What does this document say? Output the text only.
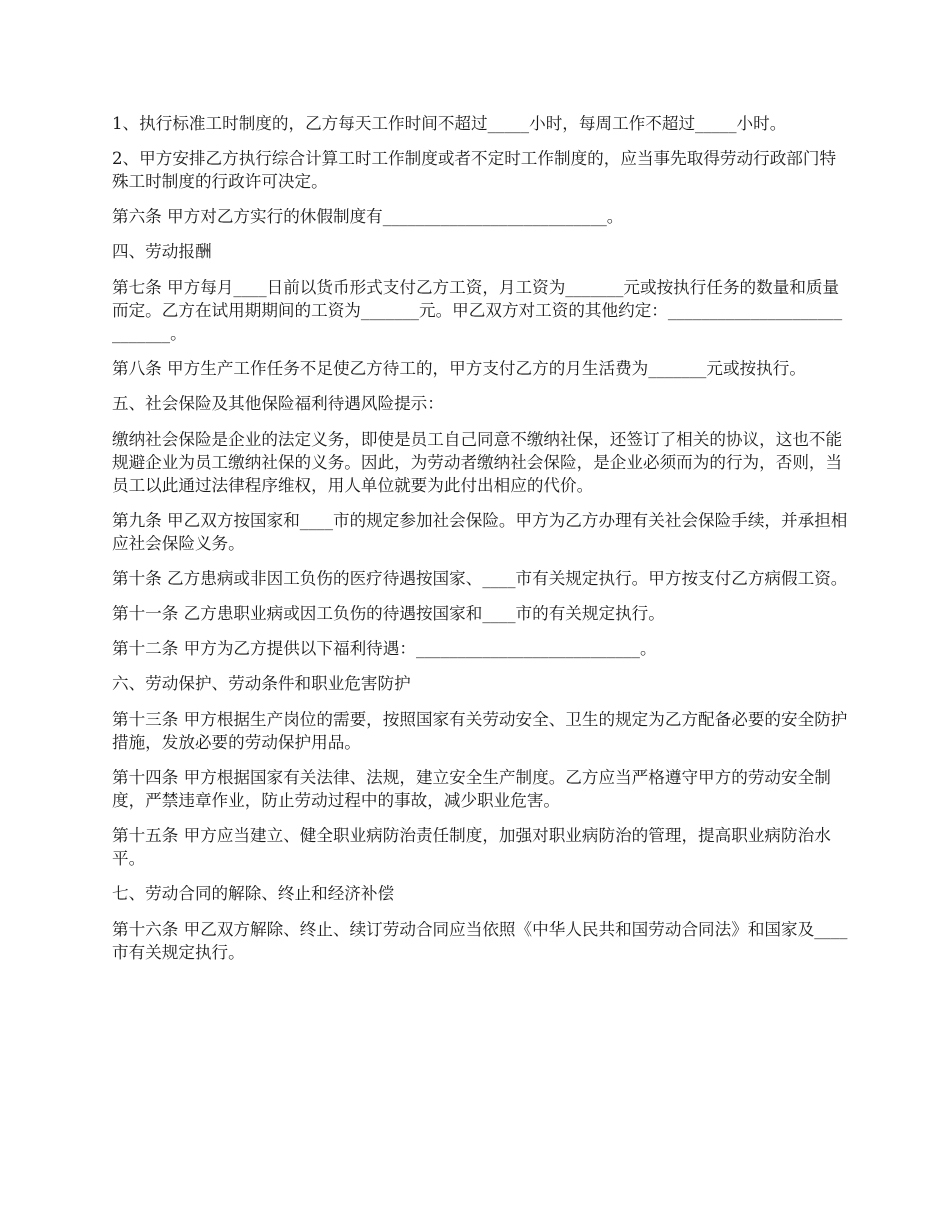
1、执行标准工时制度的，乙方每天工作时间不超过_____小时，每周工作不超过_____小时。

2、甲方安排乙方执行综合计算工时工作制度或者不定时工作制度的，应当事先取得劳动行政部门特殊工时制度的行政许可决定。

第六条 甲方对乙方实行的休假制度有___________________________。

四、劳动报酬

第七条 甲方每月____日前以货币形式支付乙方工资，月工资为_______元或按执行任务的数量和质量而定。乙方在试用期期间的工资为_______元。甲乙双方对工资的其他约定：____________________________。

第八条 甲方生产工作任务不足使乙方待工的，甲方支付乙方的月生活费为_______元或按执行。

五、社会保险及其他保险福利待遇风险提示：

缴纳社会保险是企业的法定义务，即使是员工自己同意不缴纳社保，还签订了相关的协议，这也不能规避企业为员工缴纳社保的义务。因此，为劳动者缴纳社会保险，是企业必须而为的行为，否则，当员工以此通过法律程序维权，用人单位就要为此付出相应的代价。

第九条 甲乙双方按国家和____市的规定参加社会保险。甲方为乙方办理有关社会保险手续，并承担相应社会保险义务。

第十条 乙方患病或非因工负伤的医疗待遇按国家、____市有关规定执行。甲方按支付乙方病假工资。

第十一条 乙方患职业病或因工负伤的待遇按国家和____市的有关规定执行。

第十二条 甲方为乙方提供以下福利待遇：___________________________。

六、劳动保护、劳动条件和职业危害防护

第十三条 甲方根据生产岗位的需要，按照国家有关劳动安全、卫生的规定为乙方配备必要的安全防护措施，发放必要的劳动保护用品。

第十四条 甲方根据国家有关法律、法规，建立安全生产制度。乙方应当严格遵守甲方的劳动安全制度，严禁违章作业，防止劳动过程中的事故，减少职业危害。

第十五条 甲方应当建立、健全职业病防治责任制度，加强对职业病防治的管理，提高职业病防治水平。

七、劳动合同的解除、终止和经济补偿

第十六条 甲乙双方解除、终止、续订劳动合同应当依照《中华人民共和国劳动合同法》和国家及____市有关规定执行。
